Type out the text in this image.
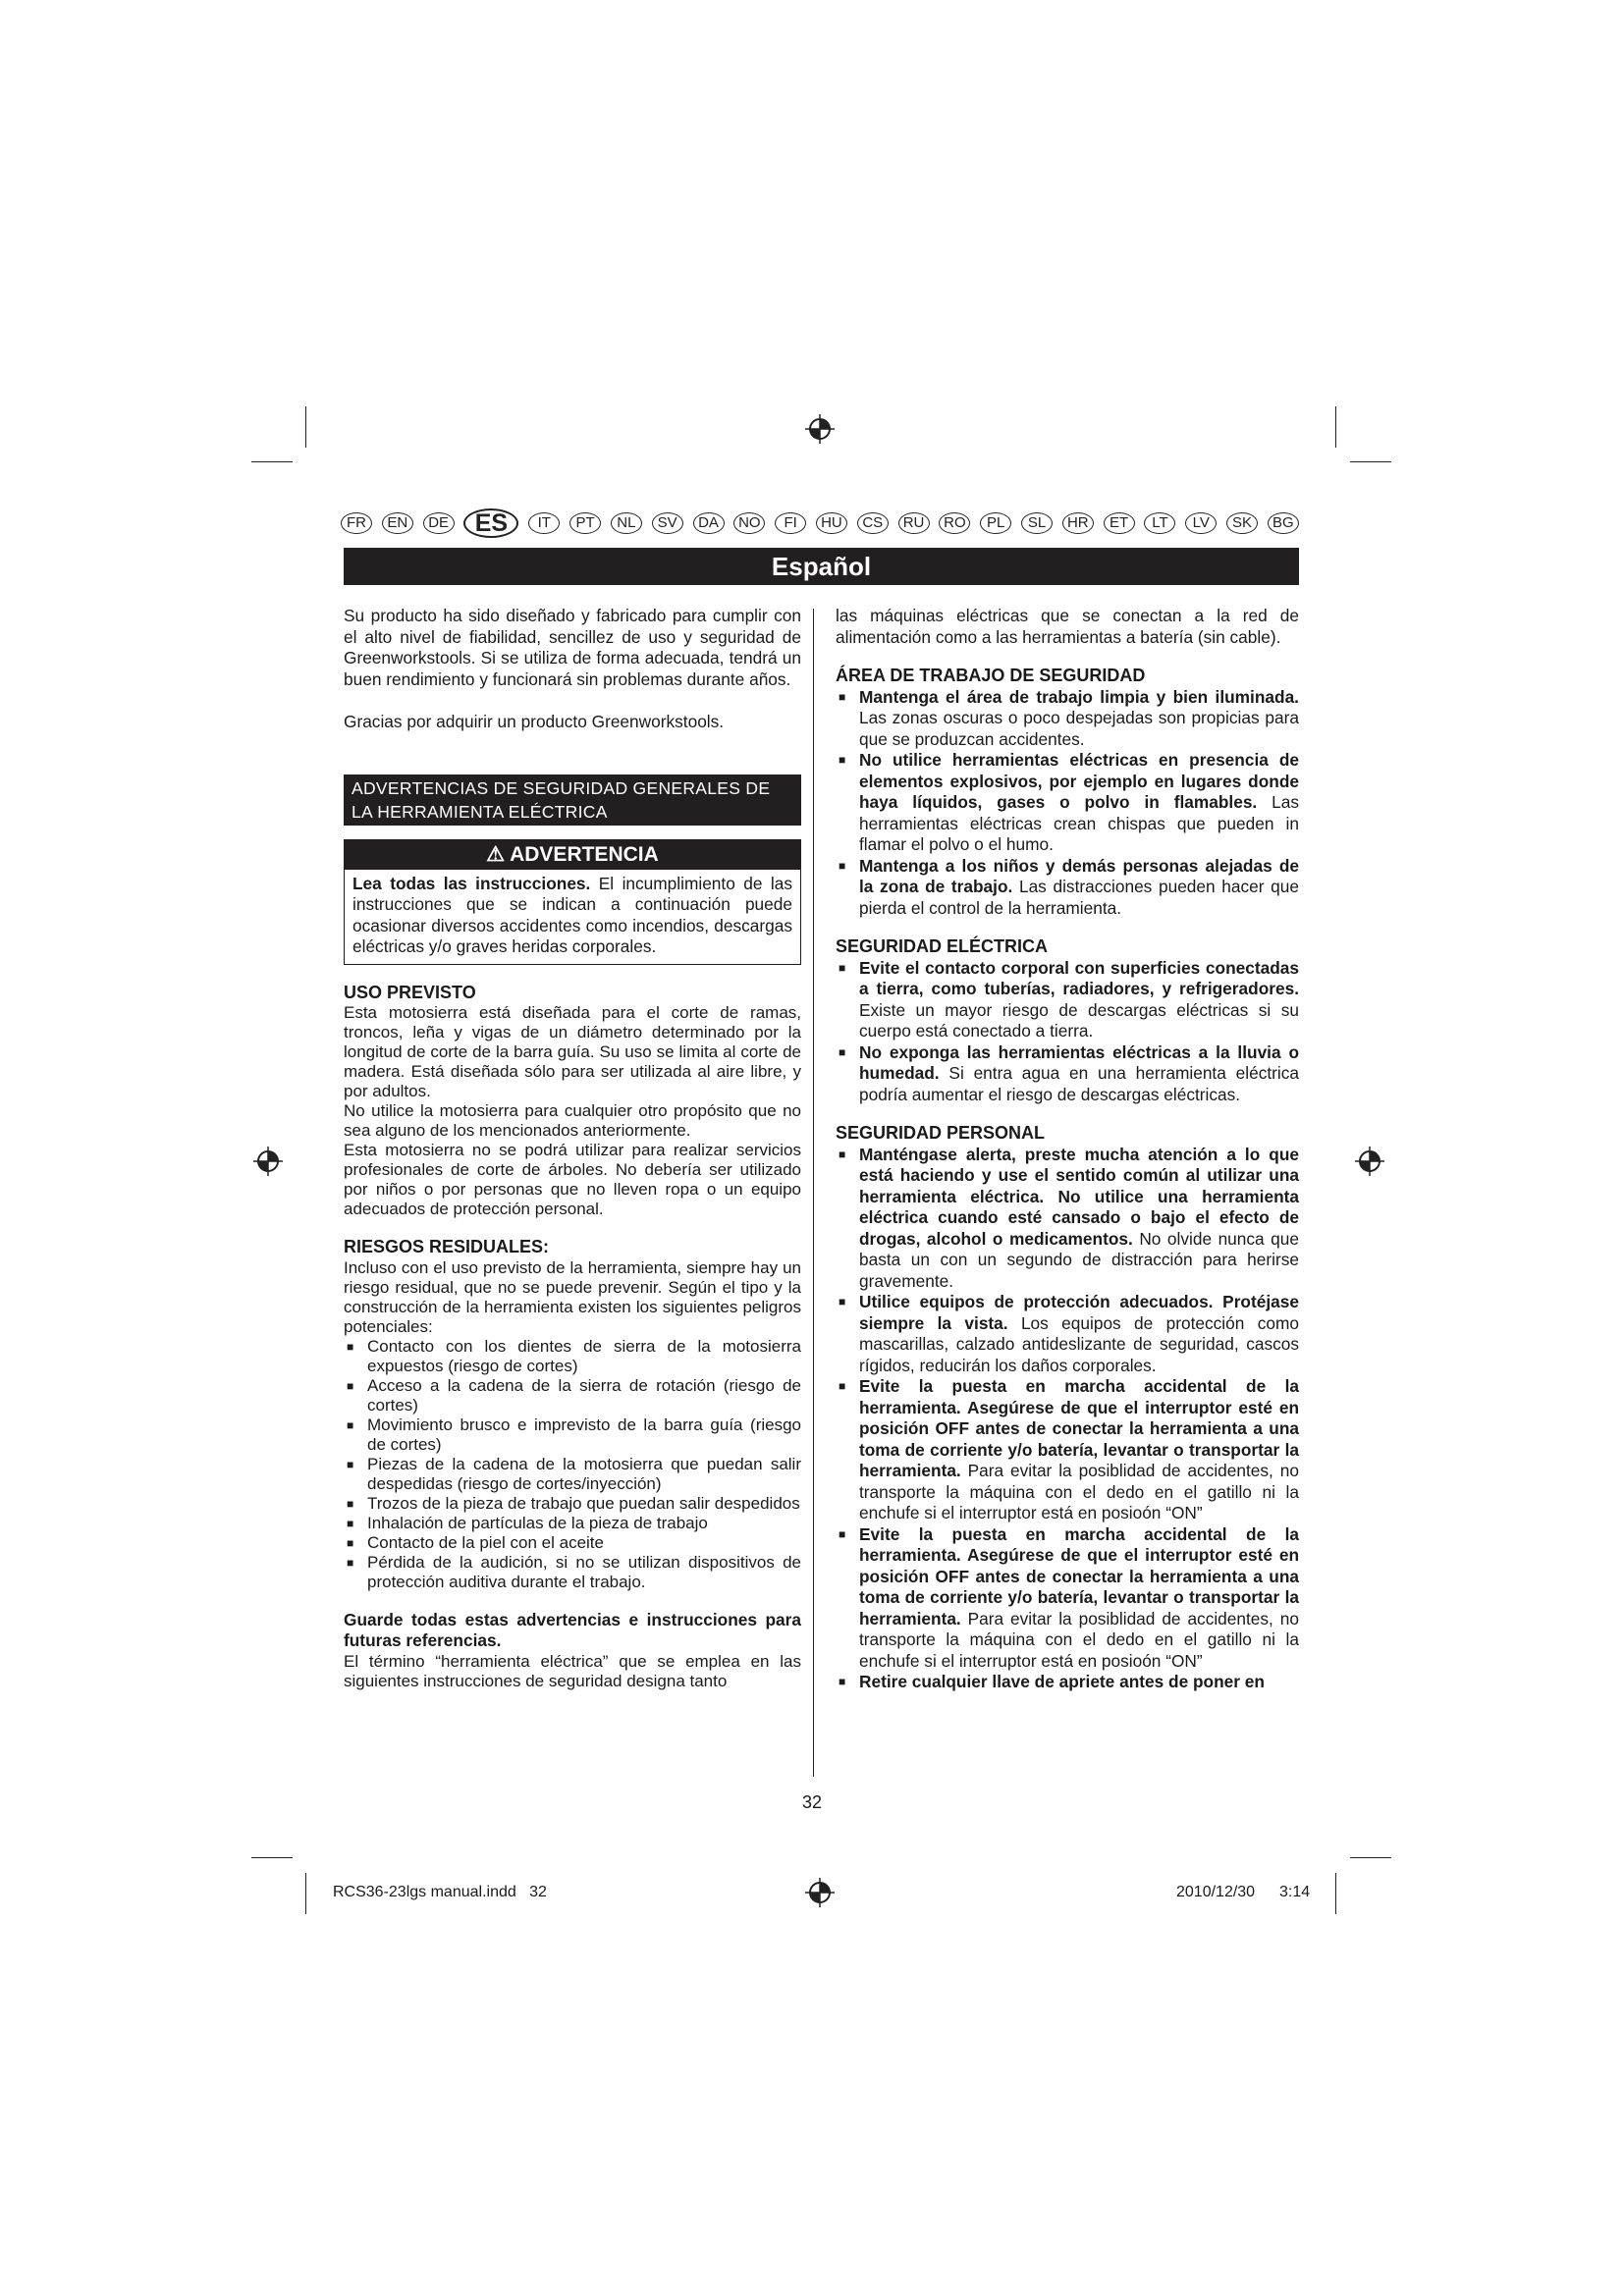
FR	EN	DE	ES	IT	PT	NL	SV	DA	NO	FI	HU	CS	RU	RO	PL	SL	HR	ET	LT	LV	SK	BG
Español

Su producto ha sido diseñado y fabricado para cumplir con el alto nivel de fiabilidad, sencillez de uso y seguridad de Greenworkstools. Si se utiliza de forma adecuada, tendrá un buen rendimiento y funcionará sin problemas durante años.

Gracias por adquirir un producto Greenworkstools.

ADVERTENCIAS DE SEGURIDAD GENERALES DE LA HERRAMIENTA ELÉCTRICA
⚠ ADVERTENCIA
Lea todas las instrucciones. El incumplimiento de las instrucciones que se indican a continuación puede ocasionar diversos accidentes como incendios, descargas eléctricas y/o graves heridas corporales.

USO PREVISTO

Esta motosierra está diseñada para el corte de ramas, troncos, leña y vigas de un diámetro determinado por la longitud de corte de la barra guía. Su uso se limita al corte de madera. Está diseñada sólo para ser utilizada al aire libre, y por adultos.

No utilice la motosierra para cualquier otro propósito que no sea alguno de los mencionados anteriormente.

Esta motosierra no se podrá utilizar para realizar servicios profesionales de corte de árboles. No debería ser utilizado por niños o por personas que no lleven ropa o un equipo adecuados de protección personal.

RIESGOS RESIDUALES:

Incluso con el uso previsto de la herramienta, siempre hay un riesgo residual, que no se puede prevenir. Según el tipo y la construcción de la herramienta existen los siguientes peligros potenciales:

■ Contacto con los dientes de sierra de la motosierra expuestos (riesgo de cortes)
■ Acceso a la cadena de la sierra de rotación (riesgo de cortes)
■ Movimiento brusco e imprevisto de la barra guía (riesgo de cortes)
■ Piezas de la cadena de la motosierra que puedan salir despedidas (riesgo de cortes/inyección)
■ Trozos de la pieza de trabajo que puedan salir despedidos
■ Inhalación de partículas de la pieza de trabajo
■ Contacto de la piel con el aceite
■ Pérdida de la audición, si no se utilizan dispositivos de protección auditiva durante el trabajo.

Guarde todas estas advertencias e instrucciones para futuras referencias.

El término “herramienta eléctrica” que se emplea en las siguientes instrucciones de seguridad designa tanto

las máquinas eléctricas que se conectan a la red de alimentación como a las herramientas a batería (sin cable).

ÁREA DE TRABAJO DE SEGURIDAD

■ Mantenga el área de trabajo limpia y bien iluminada. Las zonas oscuras o poco despejadas son propicias para que se produzcan accidentes.
■ No utilice herramientas eléctricas en presencia de elementos explosivos, por ejemplo en lugares donde haya líquidos, gases o polvo in flamables. Las herramientas eléctricas crean chispas que pueden in flamar el polvo o el humo.
■ Mantenga a los niños y demás personas alejadas de la zona de trabajo. Las distracciones pueden hacer que pierda el control de la herramienta.

SEGURIDAD ELÉCTRICA

■ Evite el contacto corporal con superficies conectadas a tierra, como tuberías, radiadores, y refrigeradores. Existe un mayor riesgo de descargas eléctricas si su cuerpo está conectado a tierra.
■ No exponga las herramientas eléctricas a la lluvia o humedad. Si entra agua en una herramienta eléctrica podría aumentar el riesgo de descargas eléctricas.

SEGURIDAD PERSONAL

■ Manténgase alerta, preste mucha atención a lo que está haciendo y use el sentido común al utilizar una herramienta eléctrica. No utilice una herramienta eléctrica cuando esté cansado o bajo el efecto de drogas, alcohol o medicamentos. No olvide nunca que basta un con un segundo de distracción para herirse gravemente.
■ Utilice equipos de protección adecuados. Protéjase siempre la vista. Los equipos de protección como mascarillas, calzado antideslizante de seguridad, cascos rígidos, reducirán los daños corporales.
■ Evite la puesta en marcha accidental de la herramienta. Asegúrese de que el interruptor esté en posición OFF antes de conectar la herramienta a una toma de corriente y/o batería, levantar o transportar la herramienta. Para evitar la posiblidad de accidentes, no transporte la máquina con el dedo en el gatillo ni la enchufe si el interruptor está en posioón “ON”
■ Evite la puesta en marcha accidental de la herramienta. Asegúrese de que el interruptor esté en posición OFF antes de conectar la herramienta a una toma de corriente y/o batería, levantar o transportar la herramienta. Para evitar la posiblidad de accidentes, no transporte la máquina con el dedo en el gatillo ni la enchufe si el interruptor está en posioón “ON”
■ Retire cualquier llave de apriete antes de poner en
32
RCS36-23lgs manual.indd   32	2010/12/30 3:14
